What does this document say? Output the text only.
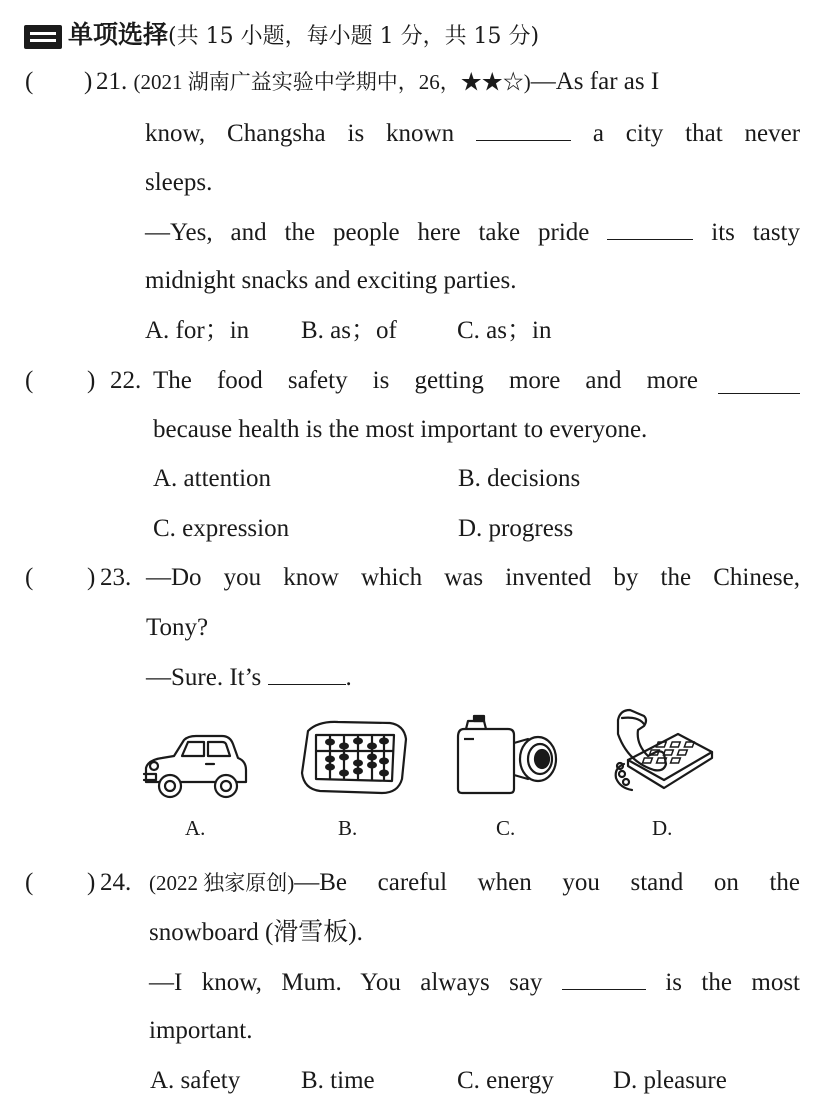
单项选择(共 15 小题，每小题 1 分，共 15 分)
( ) 21. (2021 湖南广益实验中学期中，26，★★☆)—As far as I
know, Changsha is known	a city that never
sleeps.
—Yes, and the people here take pride	its tasty
midnight snacks and exciting parties.
A. for；in B. as；of C. as；in
( ) 22. The food safety is getting more and more
because health is the most important to everyone.
A. attention	B. decisions
C. expression	D. progress
( ) 23. —Do you know which was invented by the Chinese,
Tony?
—Sure. It’s	.
A.	B.	C.	D.
( ) 24. (2022 独家原创) —Be careful when you stand on the
snowboard (滑雪板).
—I know, Mum. You always say	is the most
important.
A. safety B. time	C. energy D. pleasure
